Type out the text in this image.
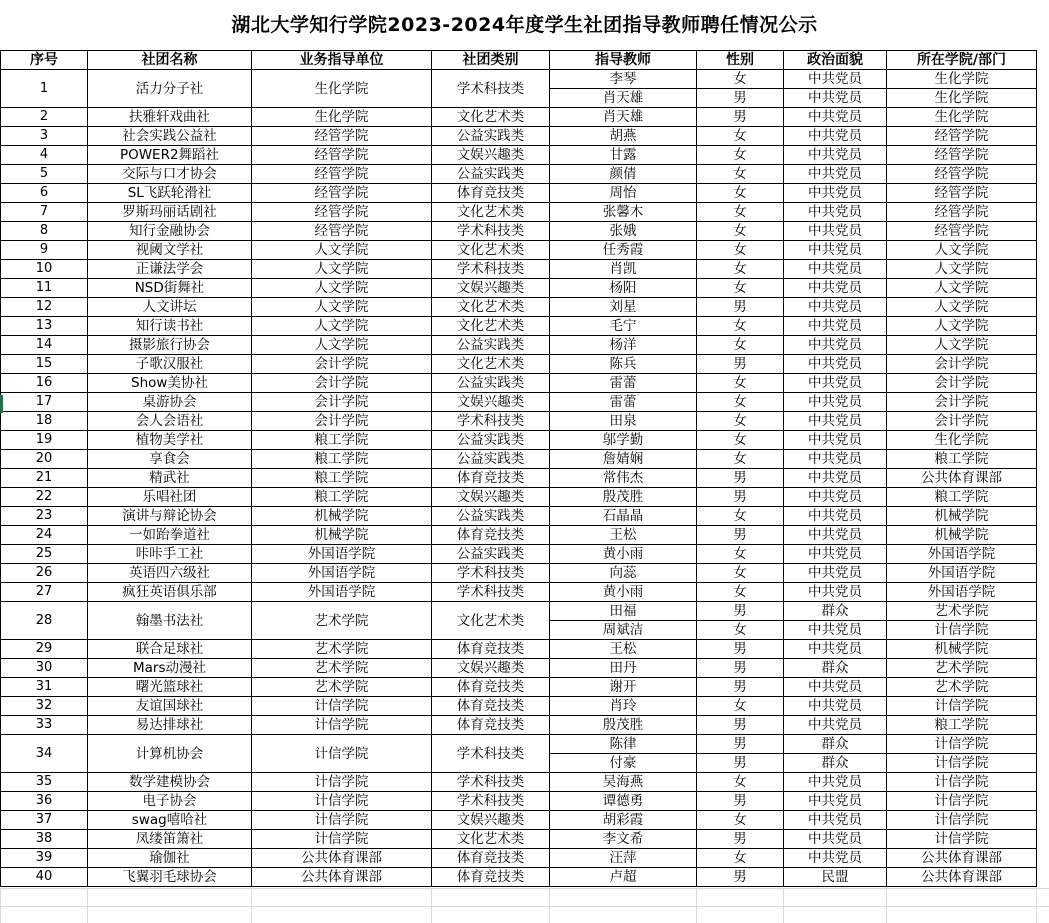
湖北大学知行学院2023-2024年度学生社团指导教师聘任情况公示
序号	社团名称	业务指导单位	社团类别	指导教师	性别	政治面貌	所在学院/部门
1	活力分子社	生化学院	学术科技类	李琴	女	中共党员	生化学院
				肖天雄	男	中共党员	生化学院
2	扶雅轩戏曲社	生化学院	文化艺术类	肖天雄	男	中共党员	生化学院
3	社会实践公益社	经管学院	公益实践类	胡燕	女	中共党员	经管学院
4	POWER2舞蹈社	经管学院	文娱兴趣类	甘露	女	中共党员	经管学院
5	交际与口才协会	经管学院	公益实践类	颜倩	女	中共党员	经管学院
6	SL飞跃轮滑社	经管学院	体育竞技类	周怡	女	中共党员	经管学院
7	罗斯玛丽话剧社	经管学院	文化艺术类	张馨木	女	中共党员	经管学院
8	知行金融协会	经管学院	学术科技类	张娥	女	中共党员	经管学院
9	视阈文学社	人文学院	文化艺术类	任秀霞	女	中共党员	人文学院
10	正谦法学会	人文学院	学术科技类	肖凯	女	中共党员	人文学院
11	NSD街舞社	人文学院	文娱兴趣类	杨阳	女	中共党员	人文学院
12	人文讲坛	人文学院	文化艺术类	刘星	男	中共党员	人文学院
13	知行读书社	人文学院	文化艺术类	毛宁	女	中共党员	人文学院
14	摄影旅行协会	人文学院	公益实践类	杨洋	女	中共党员	人文学院
15	子歌汉服社	会计学院	文化艺术类	陈兵	男	中共党员	会计学院
16	Show美协社	会计学院	公益实践类	雷蕾	女	中共党员	会计学院
17	桌游协会	会计学院	文娱兴趣类	雷蕾	女	中共党员	会计学院
18	会人会语社	会计学院	学术科技类	田泉	女	中共党员	会计学院
19	植物美学社	粮工学院	公益实践类	邬学勤	女	中共党员	生化学院
20	享食会	粮工学院	公益实践类	詹婧娴	女	中共党员	粮工学院
21	精武社	粮工学院	体育竞技类	常伟杰	男	中共党员	公共体育课部
22	乐唱社团	粮工学院	文娱兴趣类	殷茂胜	男	中共党员	粮工学院
23	演讲与辩论协会	机械学院	公益实践类	石晶晶	女	中共党员	机械学院
24	一如跆拳道社	机械学院	体育竞技类	王松	男	中共党员	机械学院
25	咔咔手工社	外国语学院	公益实践类	黄小雨	女	中共党员	外国语学院
26	英语四六级社	外国语学院	学术科技类	向蕊	女	中共党员	外国语学院
27	疯狂英语俱乐部	外国语学院	学术科技类	黄小雨	女	中共党员	外国语学院
28	翰墨书法社	艺术学院	文化艺术类	田福	男	群众	艺术学院
				周斌洁	女	中共党员	计信学院
29	联合足球社	艺术学院	体育竞技类	王松	男	中共党员	机械学院
30	Mars动漫社	艺术学院	文娱兴趣类	田丹	男	群众	艺术学院
31	曙光篮球社	艺术学院	体育竞技类	谢开	男	中共党员	艺术学院
32	友谊国球社	计信学院	体育竞技类	肖玲	女	中共党员	计信学院
33	易达排球社	计信学院	体育竞技类	殷茂胜	男	中共党员	粮工学院
34	计算机协会	计信学院	学术科技类	陈律	男	群众	计信学院
				付豪	男	群众	计信学院
35	数学建模协会	计信学院	学术科技类	吴海燕	女	中共党员	计信学院
36	电子协会	计信学院	学术科技类	谭德勇	男	中共党员	计信学院
37	swag嘻哈社	计信学院	文娱兴趣类	胡彩霞	女	中共党员	计信学院
38	凤缕笛箫社	计信学院	文化艺术类	李文希	男	中共党员	计信学院
39	瑜伽社	公共体育课部	体育竞技类	汪萍	女	中共党员	公共体育课部
40	飞翼羽毛球协会	公共体育课部	体育竞技类	卢超	男	民盟	公共体育课部
